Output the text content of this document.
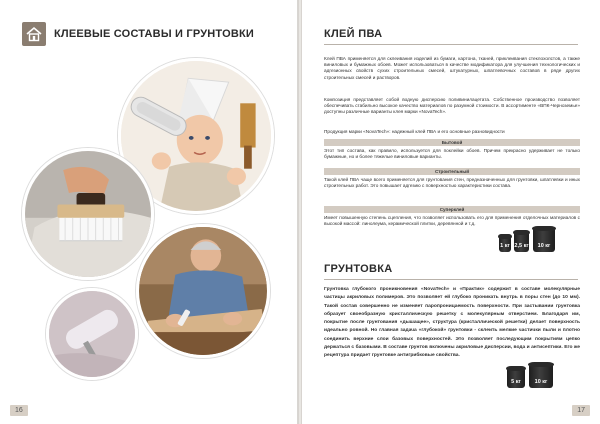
КЛЕЕВЫЕ СОСТАВЫ И ГРУНТОВКИ
16
КЛЕЙ ПВА
Клей ПВА применяется для склеивания изделий из бумаги, картона, тканей, приклеивания стеклохолстов, а также виниловых и бумажных обоев. Может использоваться в качестве модификатора для улучшения технологических и адгезионных свойств сухих строительных смесей, штукатурных, шпатлевочных составов в ряде других строительных смесей и растворов.
Композиция представляет собой водную дисперсию поливинилацетата. Собственное производство позволяет обеспечивать стабильно высокое качество материалов по разумной стоимости. В ассортименте «ВПК-Черноземье» доступны различные варианты клея марки «NovaTech».
Продукция марки «NovaTech»: надежный клей ПВА и его основные разновидности
Бытовой
Этот тип состава, как правило, используется для поклейки обоев. Причем прекрасно удерживает не только бумажные, но и более тяжелые виниловые варианты.
Строительный
Такой клей ПВА чаще всего применяется для грунтования стен, предназначенных для грунтовки, шпатлевки и иных строительных работ. Это повышает адгезию с поверхностью характеристики состава.
Суперклей
Имеет повышенную степень сцепления, что позволяет использовать его для применения отделочных материалов с высокой массой: линолеума, керамической плитки, деревянной и т.д.
1 кг 2,5 кг	10 кг
ГРУНТОВКА
Грунтовка глубокого проникновения «NovaTech» и «Практик» содержит в составе молекулярные частицы акриловых полимеров. Это позволяет ей глубоко проникать внутрь в поры стен (до 10 мм). Такой состав совершенно не изменяет паропроницаемость поверхности. При застывании грунтовка образует своеобразную кристаллическую решетку с молекулярным отверстием. Благодаря им, покрытие после грунтования «дышащее», структура (кристаллической решетки) делает поверхность идеально ровной. Но главная задача «глубокой» грунтовки - склеить мелкие частички пыли и плотно соединить верхние слои базовых поверхностей. Это позволяет последующим покрытиям цепко держаться с базовыми. В составе грунтов включены акриловые дисперсии, вода и антисептики. Его же рецептура придает грунтовке антигрибковые свойства.
5 кг	10 кг
17
